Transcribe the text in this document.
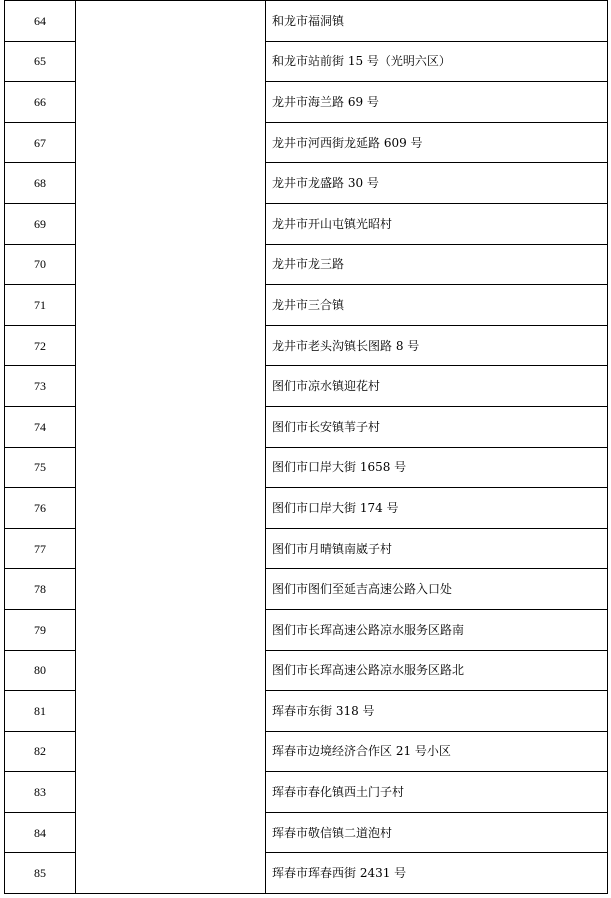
64		和龙市福洞镇
65		和龙市站前街 15 号（光明六区）
66		龙井市海兰路 69 号
67		龙井市河西街龙延路 609 号
68		龙井市龙盛路 30 号
69		龙井市开山屯镇光昭村
70		龙井市龙三路
71		龙井市三合镇
72		龙井市老头沟镇长图路 8 号
73		图们市凉水镇迎花村
74		图们市长安镇苇子村
75		图们市口岸大街 1658 号
76		图们市口岸大街 174 号
77		图们市月晴镇南崴子村
78		图们市图们至延吉高速公路入口处
79		图们市长珲高速公路凉水服务区路南
80		图们市长珲高速公路凉水服务区路北
81		珲春市东街 318 号
82		珲春市边境经济合作区 21 号小区
83		珲春市春化镇西土门子村
84		珲春市敬信镇二道泡村
85		珲春市珲春西街 2431 号
